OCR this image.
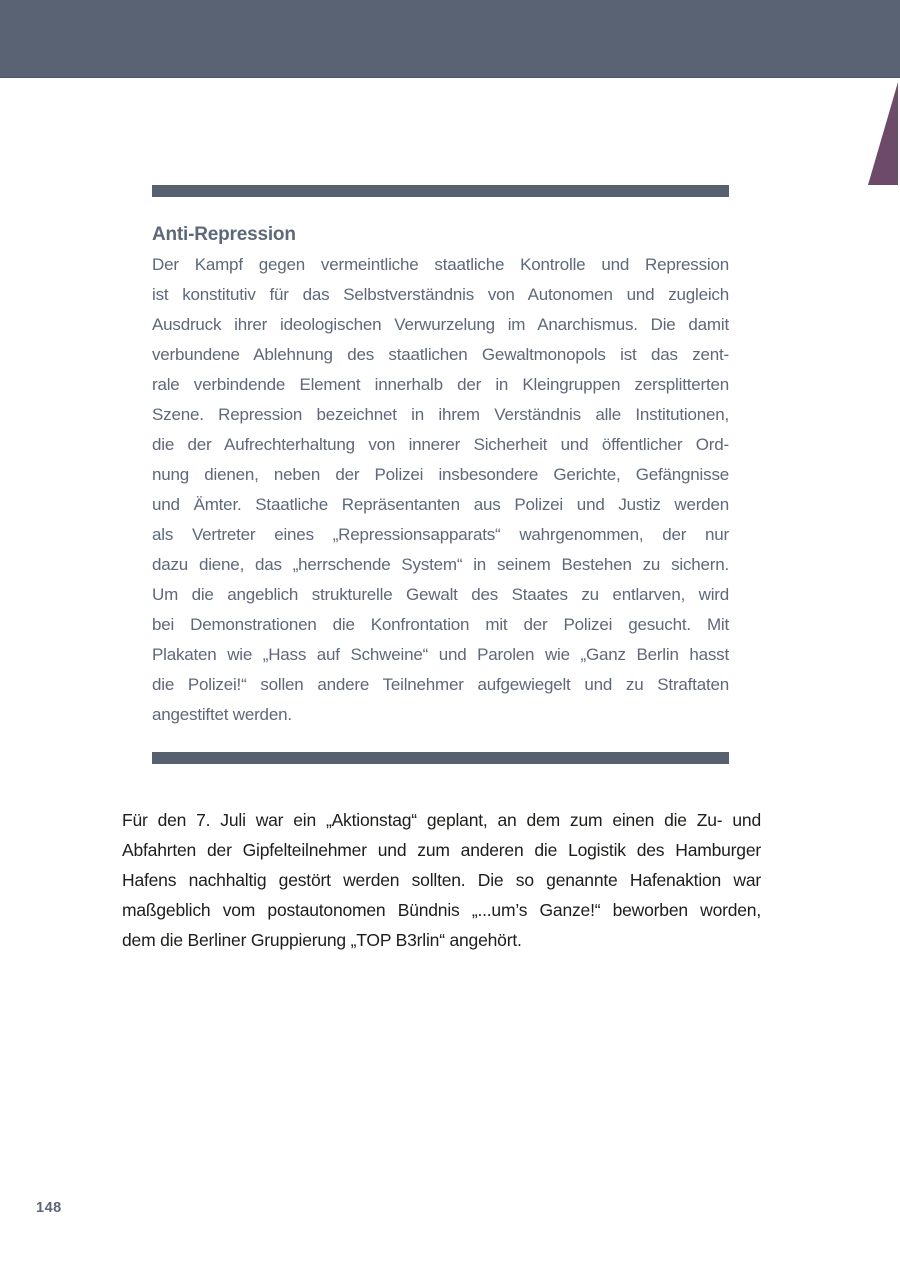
Anti-Repression
Der Kampf gegen vermeintliche staatliche Kontrolle und Repression
ist konstitutiv für das Selbstverständnis von Autonomen und zugleich
Ausdruck ihrer ideologischen Verwurzelung im Anarchismus. Die damit
verbundene Ablehnung des staatlichen Gewaltmonopols ist das zent-
rale verbindende Element innerhalb der in Kleingruppen zersplitterten
Szene. Repression bezeichnet in ihrem Verständnis alle Institutionen,
die der Aufrechterhaltung von innerer Sicherheit und öffentlicher Ord-
nung dienen, neben der Polizei insbesondere Gerichte, Gefängnisse
und Ämter. Staatliche Repräsentanten aus Polizei und Justiz werden
als Vertreter eines „Repressionsapparats“ wahrgenommen, der nur
dazu diene, das „herrschende System“ in seinem Bestehen zu sichern.
Um die angeblich strukturelle Gewalt des Staates zu entlarven, wird
bei Demonstrationen die Konfrontation mit der Polizei gesucht. Mit
Plakaten wie „Hass auf Schweine“ und Parolen wie „Ganz Berlin hasst
die Polizei!“ sollen andere Teilnehmer aufgewiegelt und zu Straftaten
angestiftet werden.
Für den 7. Juli war ein „Aktionstag“ geplant, an dem zum einen die Zu- und
Abfahrten der Gipfelteilnehmer und zum anderen die Logistik des Hamburger
Hafens nachhaltig gestört werden sollten. Die so genannte Hafenaktion war
maßgeblich vom postautonomen Bündnis „...um’s Ganze!“ beworben worden,
dem die Berliner Gruppierung „TOP B3rlin“ angehört.
148
